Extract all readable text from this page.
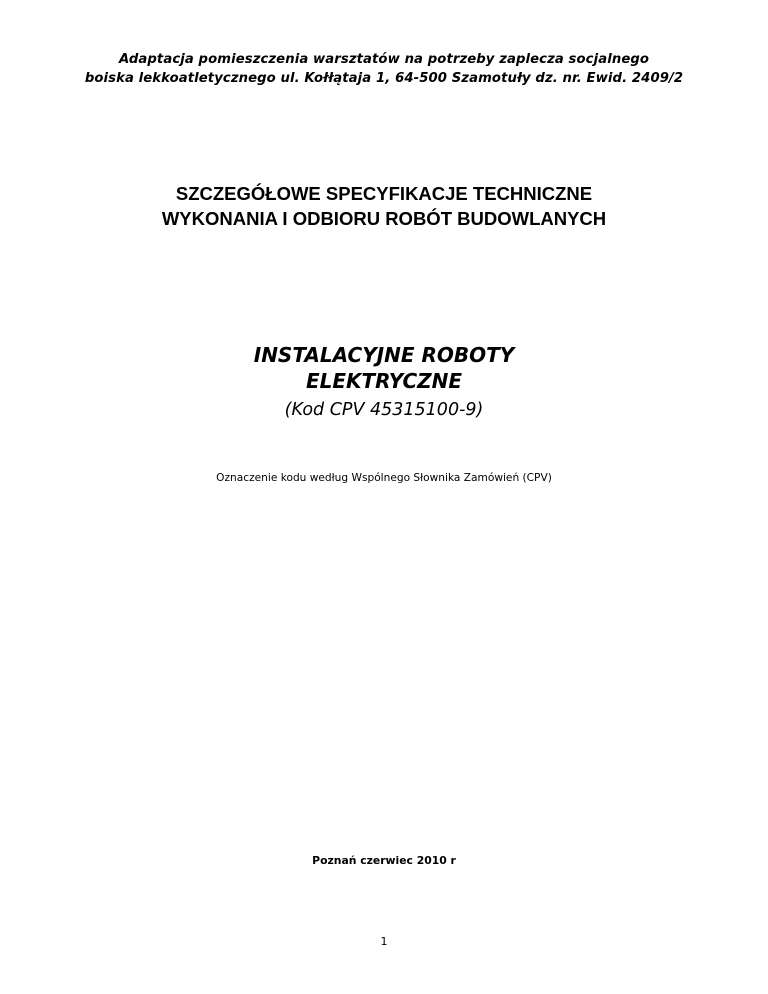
Adaptacja pomieszczenia warsztatów na potrzeby zaplecza socjalnego
boiska lekkoatletycznego ul. Kołłątaja 1, 64-500 Szamotuły dz. nr. Ewid. 2409/2
SZCZEGÓŁOWE SPECYFIKACJE TECHNICZNE
WYKONANIA I ODBIORU ROBÓT BUDOWLANYCH
INSTALACYJNE ROBOTY
ELEKTRYCZNE
(Kod CPV 45315100-9)
Oznaczenie kodu według Wspólnego Słownika Zamówień (CPV)
Poznań czerwiec 2010 r
1
